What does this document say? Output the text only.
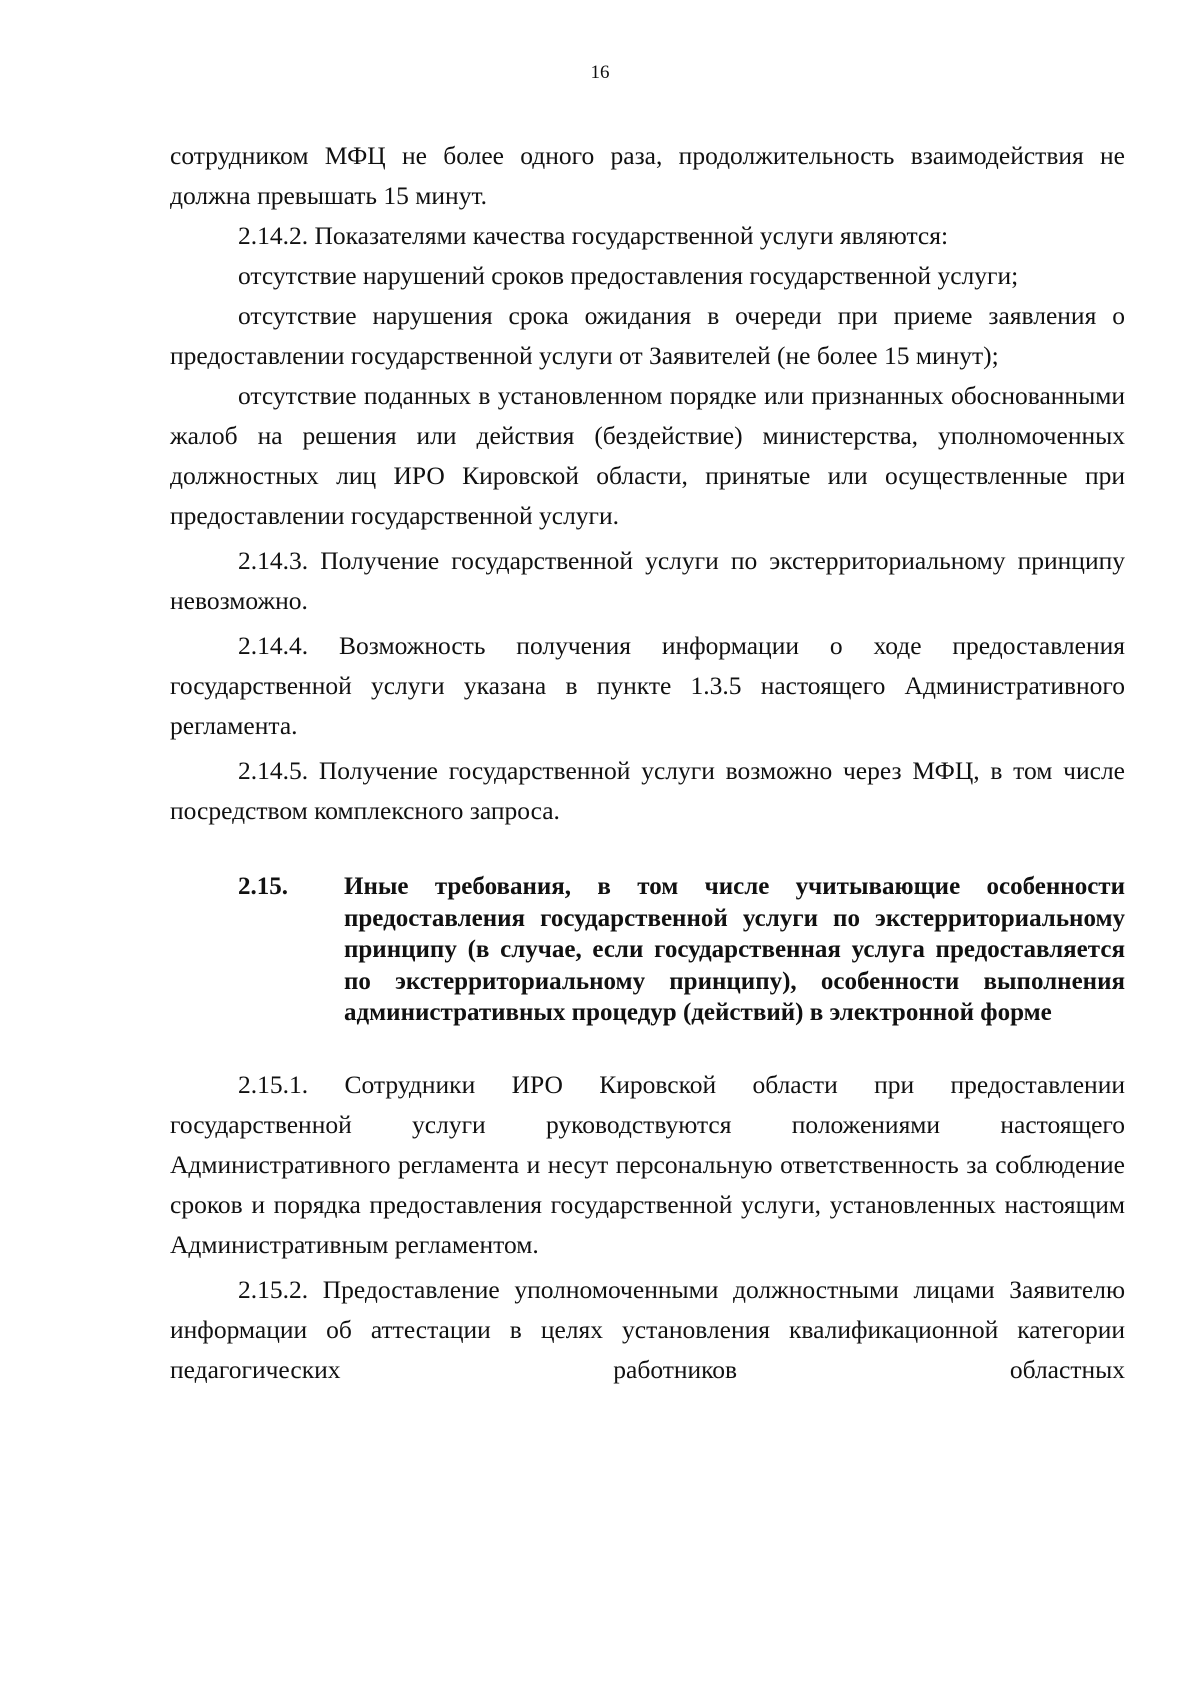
16

сотрудником МФЦ не более одного раза, продолжительность взаимодействия не должна превышать 15 минут.

2.14.2. Показателями качества государственной услуги являются:

отсутствие нарушений сроков предоставления государственной услуги;

отсутствие нарушения срока ожидания в очереди при приеме заявления о предоставлении государственной услуги от Заявителей (не более 15 минут);

отсутствие поданных в установленном порядке или признанных обоснованными жалоб на решения или действия (бездействие) министерства, уполномоченных должностных лиц ИРО Кировской области, принятые или осуществленные при предоставлении государственной услуги.

2.14.3. Получение государственной услуги по экстерриториальному принципу невозможно.

2.14.4. Возможность получения информации о ходе предоставления государственной услуги указана в пункте 1.3.5 настоящего Административного регламента.

2.14.5. Получение государственной услуги возможно через МФЦ, в том числе посредством комплексного запроса.

2.15.	Иные требования, в том числе учитывающие особенности предоставления государственной услуги по экстерриториальному принципу (в случае, если государственная услуга предоставляется по экстерриториальному принципу), особенности выполнения административных процедур (действий) в электронной форме

2.15.1. Сотрудники ИРО Кировской области при предоставлении государственной услуги руководствуются положениями настоящего Административного регламента и несут персональную ответственность за соблюдение сроков и порядка предоставления государственной услуги, установленных настоящим Административным регламентом.

2.15.2. Предоставление уполномоченными должностными лицами Заявителю информации об аттестации в целях установления квалификационной категории педагогических работников областных
